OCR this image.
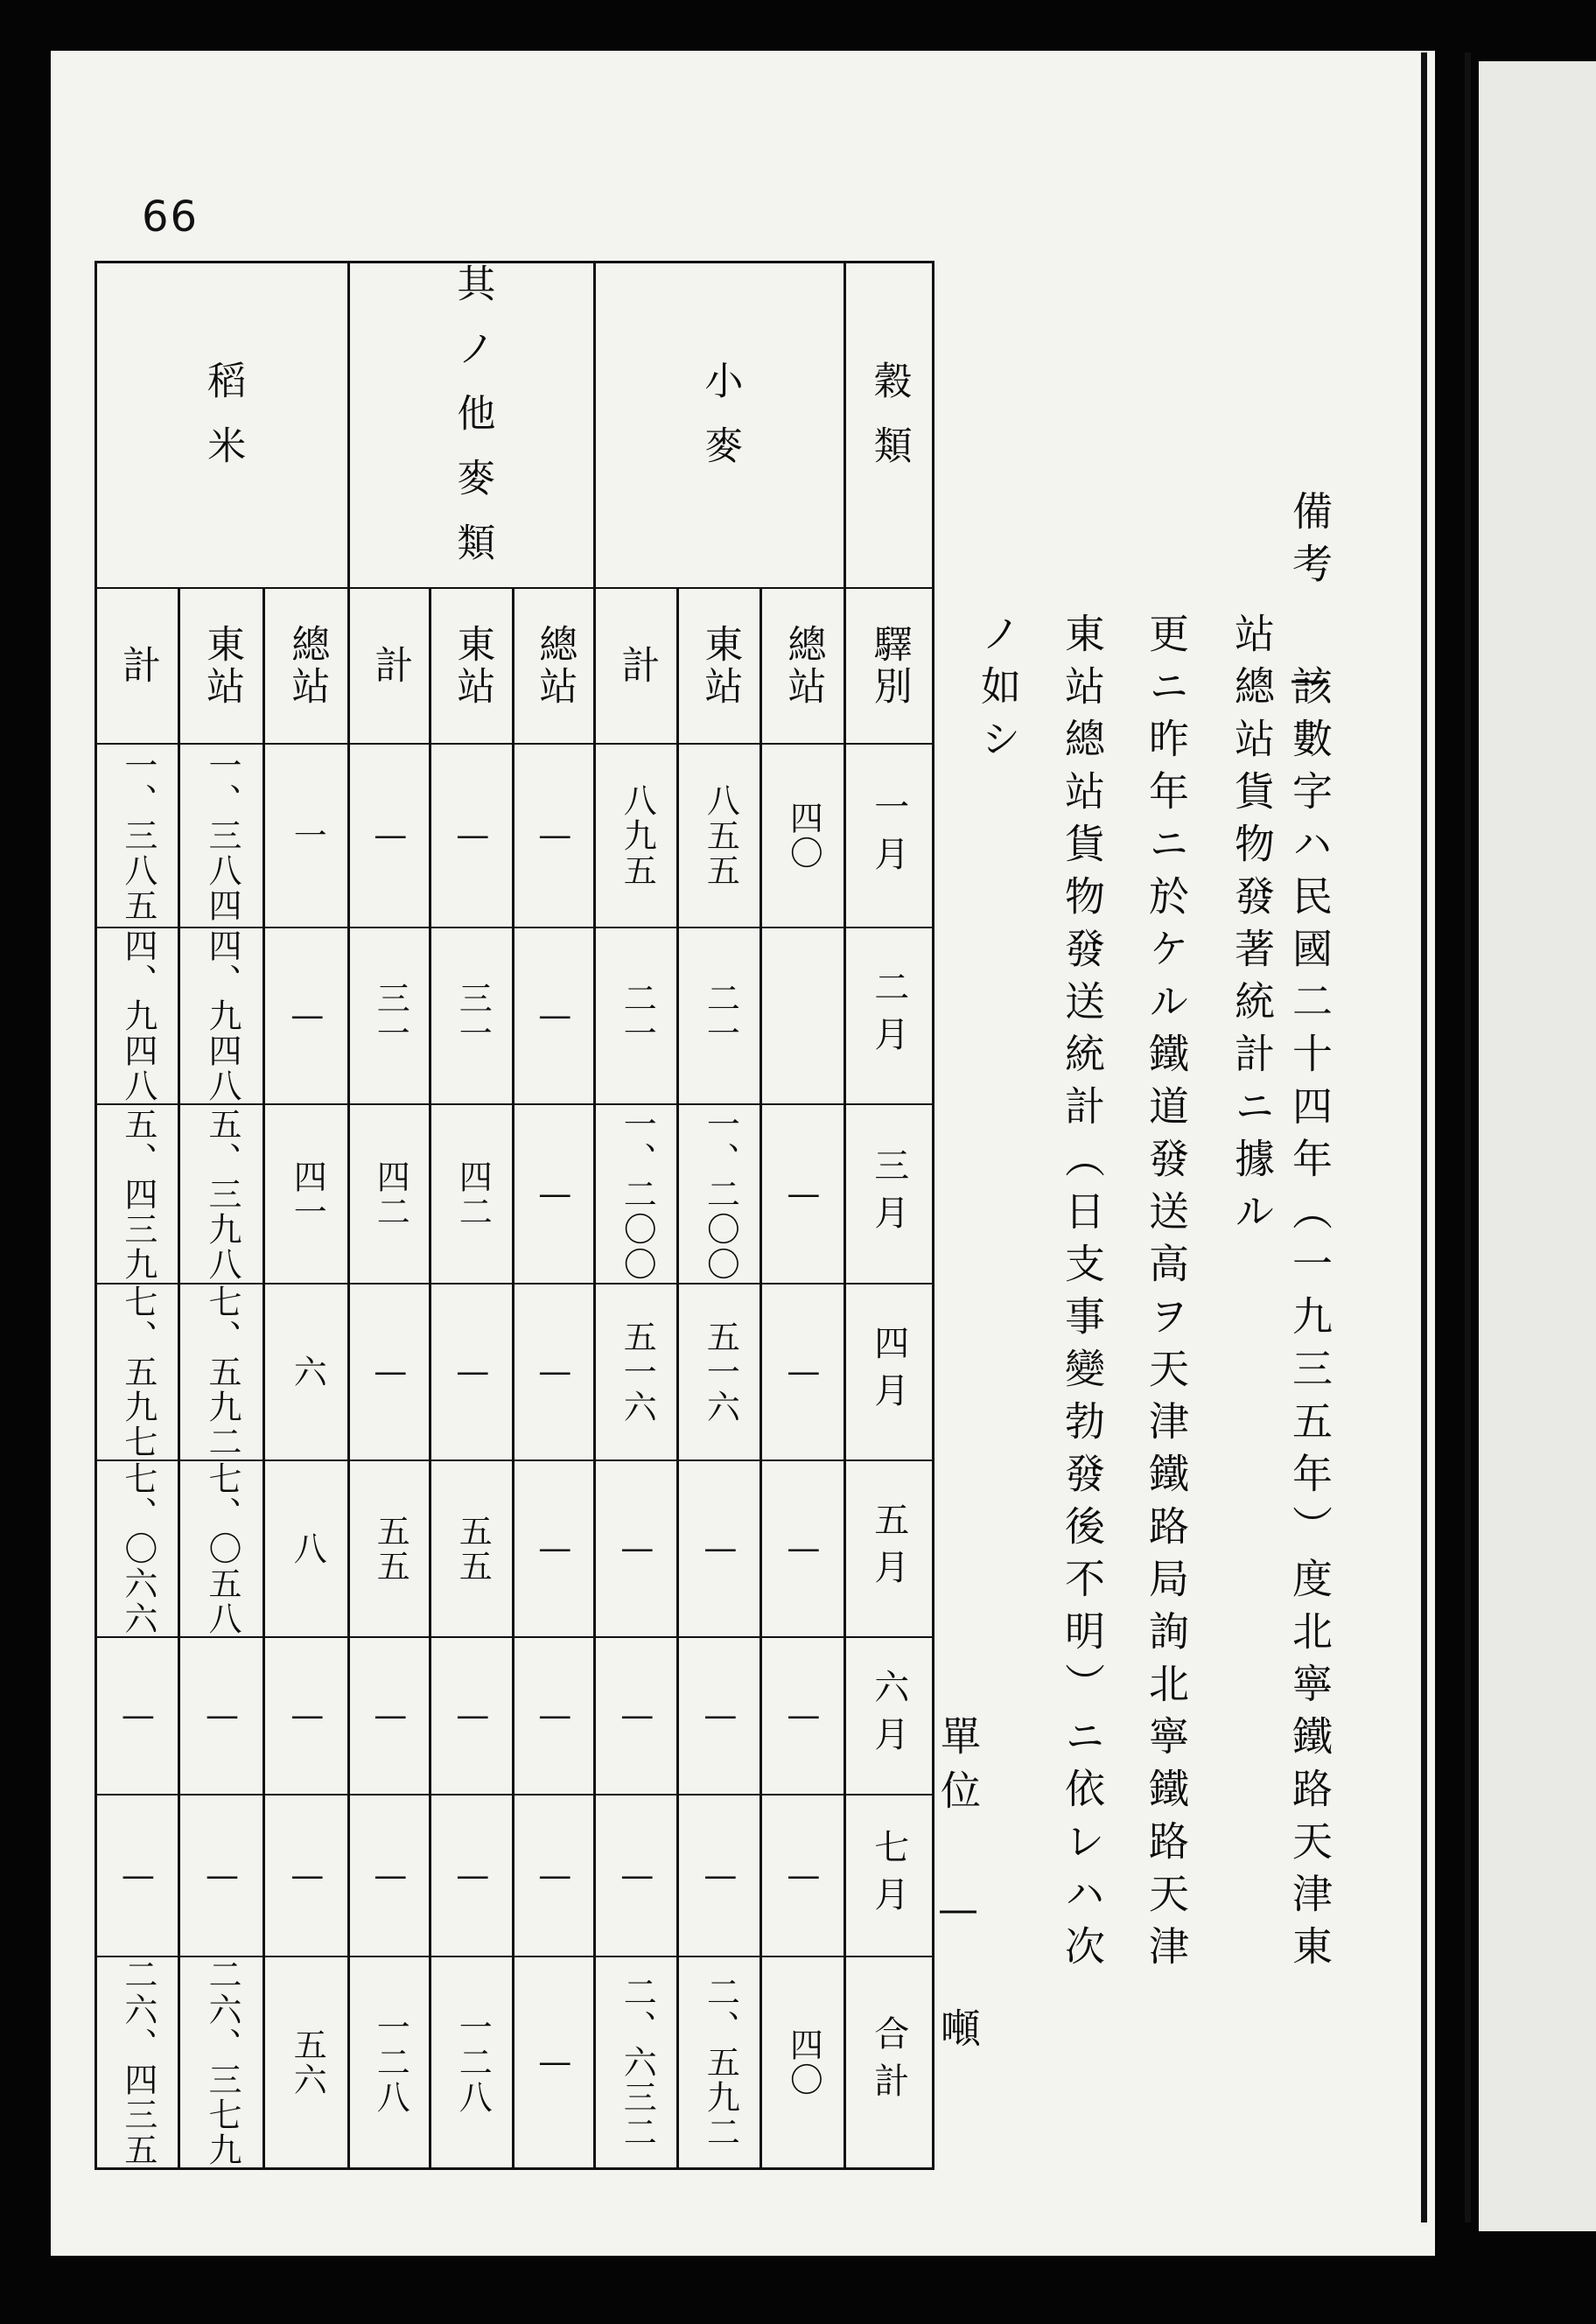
66
稻米			其ノ他麥類			小麥			穀類

計	東站	總站	計	東站	總站	計	東站	總站	驛別

一、三八五	一、三八四	一	—	—	—	八九五	八五五	四〇	一月

四、九四八	四、九四八	—	三一	三一	—	二一	二一		二月

五、四三九	五、三九八	四一	四二	四二	—	一、二〇〇	一、二〇〇	—	三月

七、五九七	七、五九二	六	—	—	—	五一六	五一六	—	四月

七、〇六六	七、〇五八	八	五五	五五	—	—	—	—	五月

—	—	—	—	—	—	—	—	—	六月

—	—	—	—	—	—	—	—	—	七月

二六、四三五	二六、三七九	五六	一二八	一二八	—	二、六三二	二、五九二	四〇	合計
備考 —
該數字ハ民國二十四年（一九三五年）度北寧鐵路天津東
站總站貨物發著統計ニ據ル
更ニ昨年ニ於ケル鐵道發送高ヲ天津鐵路局詢北寧鐵路天津
東站總站貨物發送統計（日支事變勃發後不明）ニ依レハ次
ノ如シ
單位 — 噸
